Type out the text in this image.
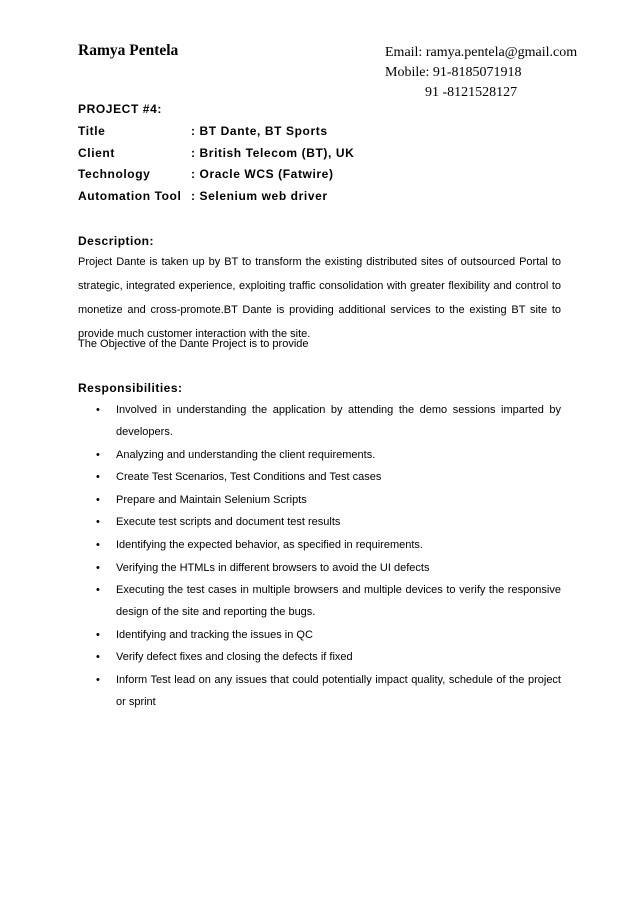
Ramya Pentela	Email: ramya.pentela@gmail.com
Mobile: 91-8185071918
91 -8121528127
PROJECT #4:
Title	: BT Dante, BT Sports
Client	: British Telecom (BT), UK
Technology	: Oracle WCS (Fatwire)
Automation Tool : Selenium web driver
Description:

Project Dante is taken up by BT to transform the existing distributed sites of outsourced Portal to strategic, integrated experience, exploiting traffic consolidation with greater flexibility and control to monetize and cross-promote.BT Dante is providing additional services to the existing BT site to provide much customer interaction with the site.

The Objective of the Dante Project is to provide
Responsibilities:
• Involved in understanding the application by attending the demo sessions imparted by developers.
• Analyzing and understanding the client requirements.
• Create Test Scenarios, Test Conditions and Test cases
• Prepare and Maintain Selenium Scripts
• Execute test scripts and document test results
• Identifying the expected behavior, as specified in requirements.
• Verifying the HTMLs in different browsers to avoid the UI defects
• Executing the test cases in multiple browsers and multiple devices to verify the responsive design of the site and reporting the bugs.
• Identifying and tracking the issues in QC
• Verify defect fixes and closing the defects if fixed
• Inform Test lead on any issues that could potentially impact quality, schedule of the project or sprint
